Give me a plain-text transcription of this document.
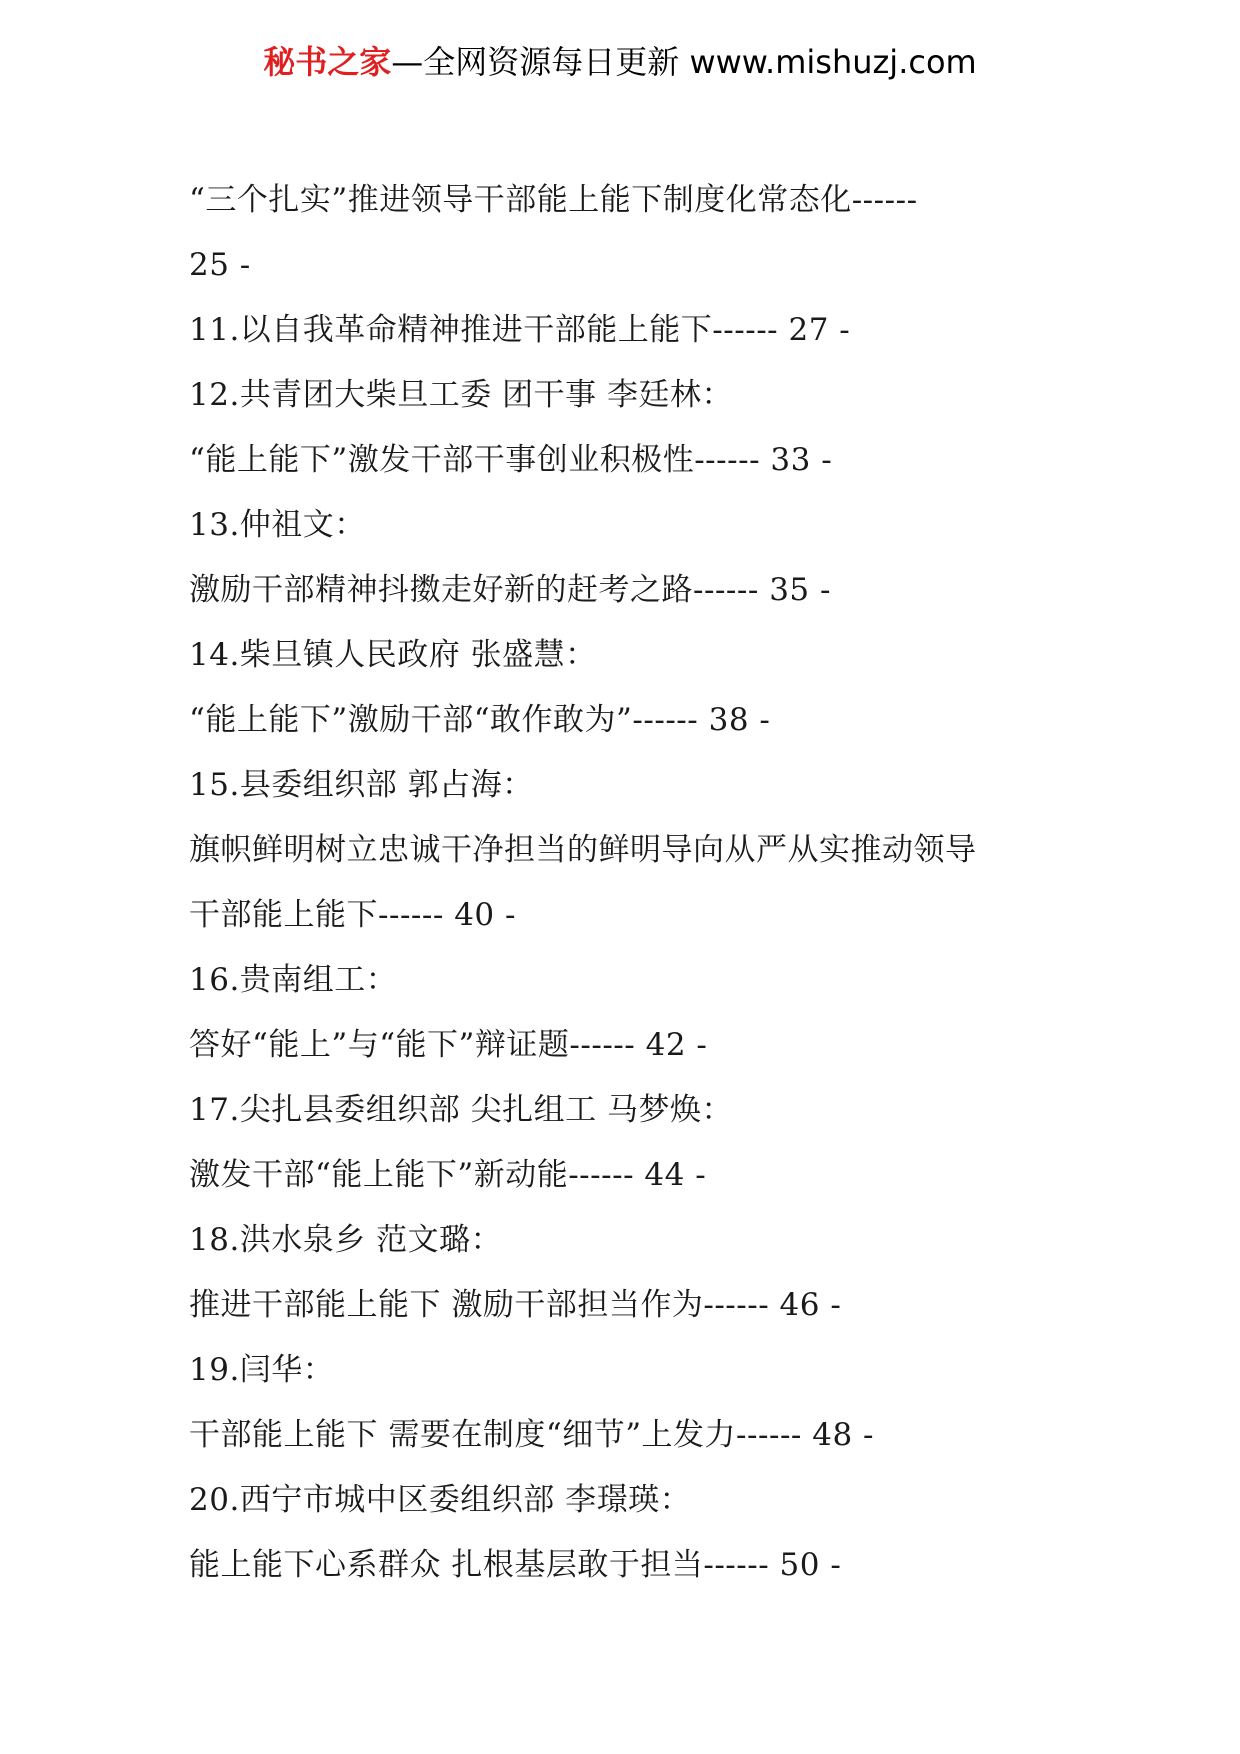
秘书之家—全网资源每日更新 www.mishuzj.com
“三个扎实”推进领导干部能上能下制度化常态化------
25 -
11.以自我革命精神推进干部能上能下------ 27 -
12.共青团大柴旦工委 团干事 李廷林：
“能上能下”激发干部干事创业积极性------ 33 -
13.仲祖文：
激励干部精神抖擞走好新的赶考之路------ 35 -
14.柴旦镇人民政府 张盛慧：
“能上能下”激励干部“敢作敢为”------ 38 -
15.县委组织部 郭占海：
旗帜鲜明树立忠诚干净担当的鲜明导向从严从实推动领导
干部能上能下------ 40 -
16.贵南组工：
答好“能上”与“能下”辩证题------ 42 -
17.尖扎县委组织部 尖扎组工 马梦焕：
激发干部“能上能下”新动能------ 44 -
18.洪水泉乡 范文璐：
推进干部能上能下 激励干部担当作为------ 46 -
19.闫华：
干部能上能下 需要在制度“细节”上发力------ 48 -
20.西宁市城中区委组织部 李璟瑛：
能上能下心系群众 扎根基层敢于担当------ 50 -
